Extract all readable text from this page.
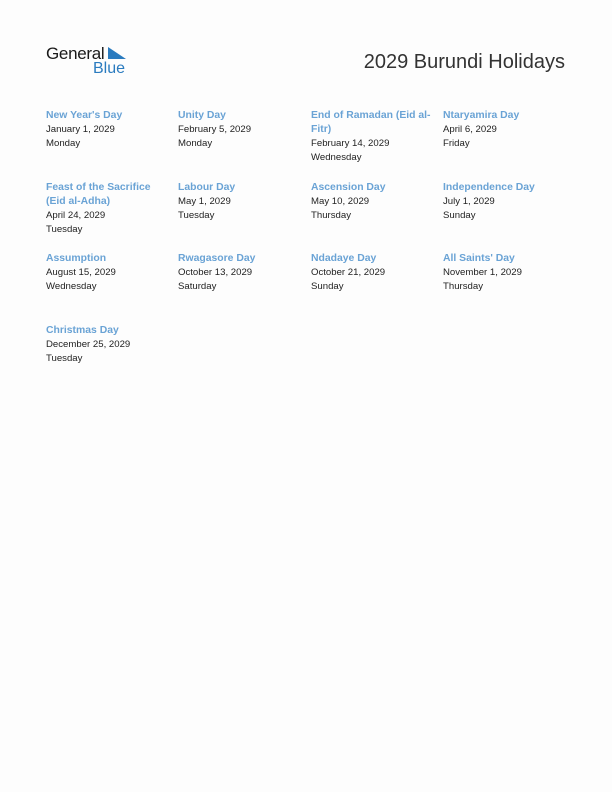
General
Blue	2029 Burundi Holidays
New Year's Day
January 1, 2029
Monday
Unity Day
February 5, 2029
Monday
End of Ramadan (Eid al-Fitr)
February 14, 2029
Wednesday
Ntaryamira Day
April 6, 2029
Friday
Feast of the Sacrifice (Eid al-Adha)
April 24, 2029
Tuesday
Labour Day
May 1, 2029
Tuesday
Ascension Day
May 10, 2029
Thursday
Independence Day
July 1, 2029
Sunday
Assumption
August 15, 2029
Wednesday
Rwagasore Day
October 13, 2029
Saturday
Ndadaye Day
October 21, 2029
Sunday
All Saints' Day
November 1, 2029
Thursday
Christmas Day
December 25, 2029
Tuesday
